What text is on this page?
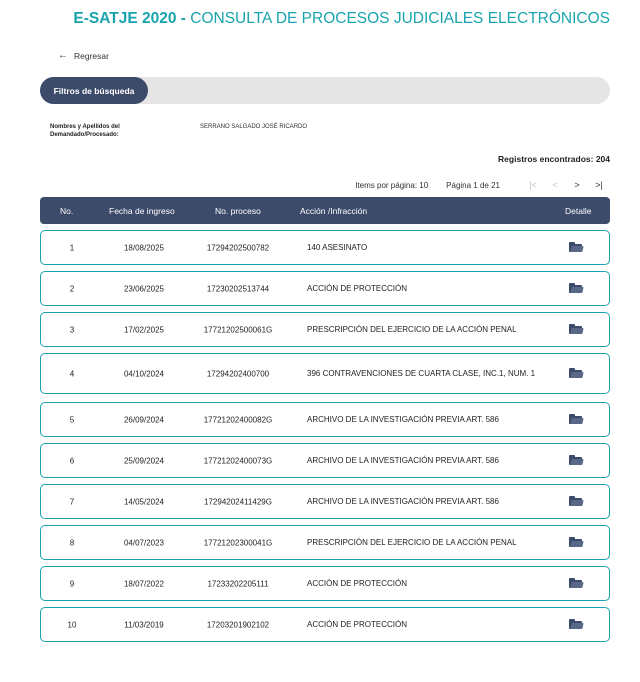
E-SATJE 2020 - CONSULTA DE PROCESOS JUDICIALES ELECTRÓNICOS
← Regresar
Filtros de búsqueda
Nombres y Apellidos del Demandado/Procesado:
SERRANO SALGADO JOSÉ RICARDO
Registros encontrados: 204
Items por página: 10 Página 1 de 21	|<	<	>	>|
No.	Fecha de ingreso	No. proceso	Acción /Infracción	Detalle
1	18/08/2025	17294202500782	140 ASESINATO
2	23/06/2025	17230202513744	ACCIÓN DE PROTECCIÓN
3	17/02/2025	17721202500061G	PRESCRIPCIÓN DEL EJERCICIO DE LA ACCIÓN PENAL
4	04/10/2024	17294202400700	396 CONTRAVENCIONES DE CUARTA CLASE, INC.1, NUM. 1
5	26/09/2024	17721202400082G	ARCHIVO DE LA INVESTIGACIÓN PREVIA ART. 586
6	25/09/2024	17721202400073G	ARCHIVO DE LA INVESTIGACIÓN PREVIA ART. 586
7	14/05/2024	17294202411429G	ARCHIVO DE LA INVESTIGACIÓN PREVIA ART. 586
8	04/07/2023	17721202300041G	PRESCRIPCIÓN DEL EJERCICIO DE LA ACCIÓN PENAL
9	18/07/2022	17233202205111	ACCIÓN DE PROTECCIÓN
10	11/03/2019	17203201902102	ACCIÓN DE PROTECCIÓN
